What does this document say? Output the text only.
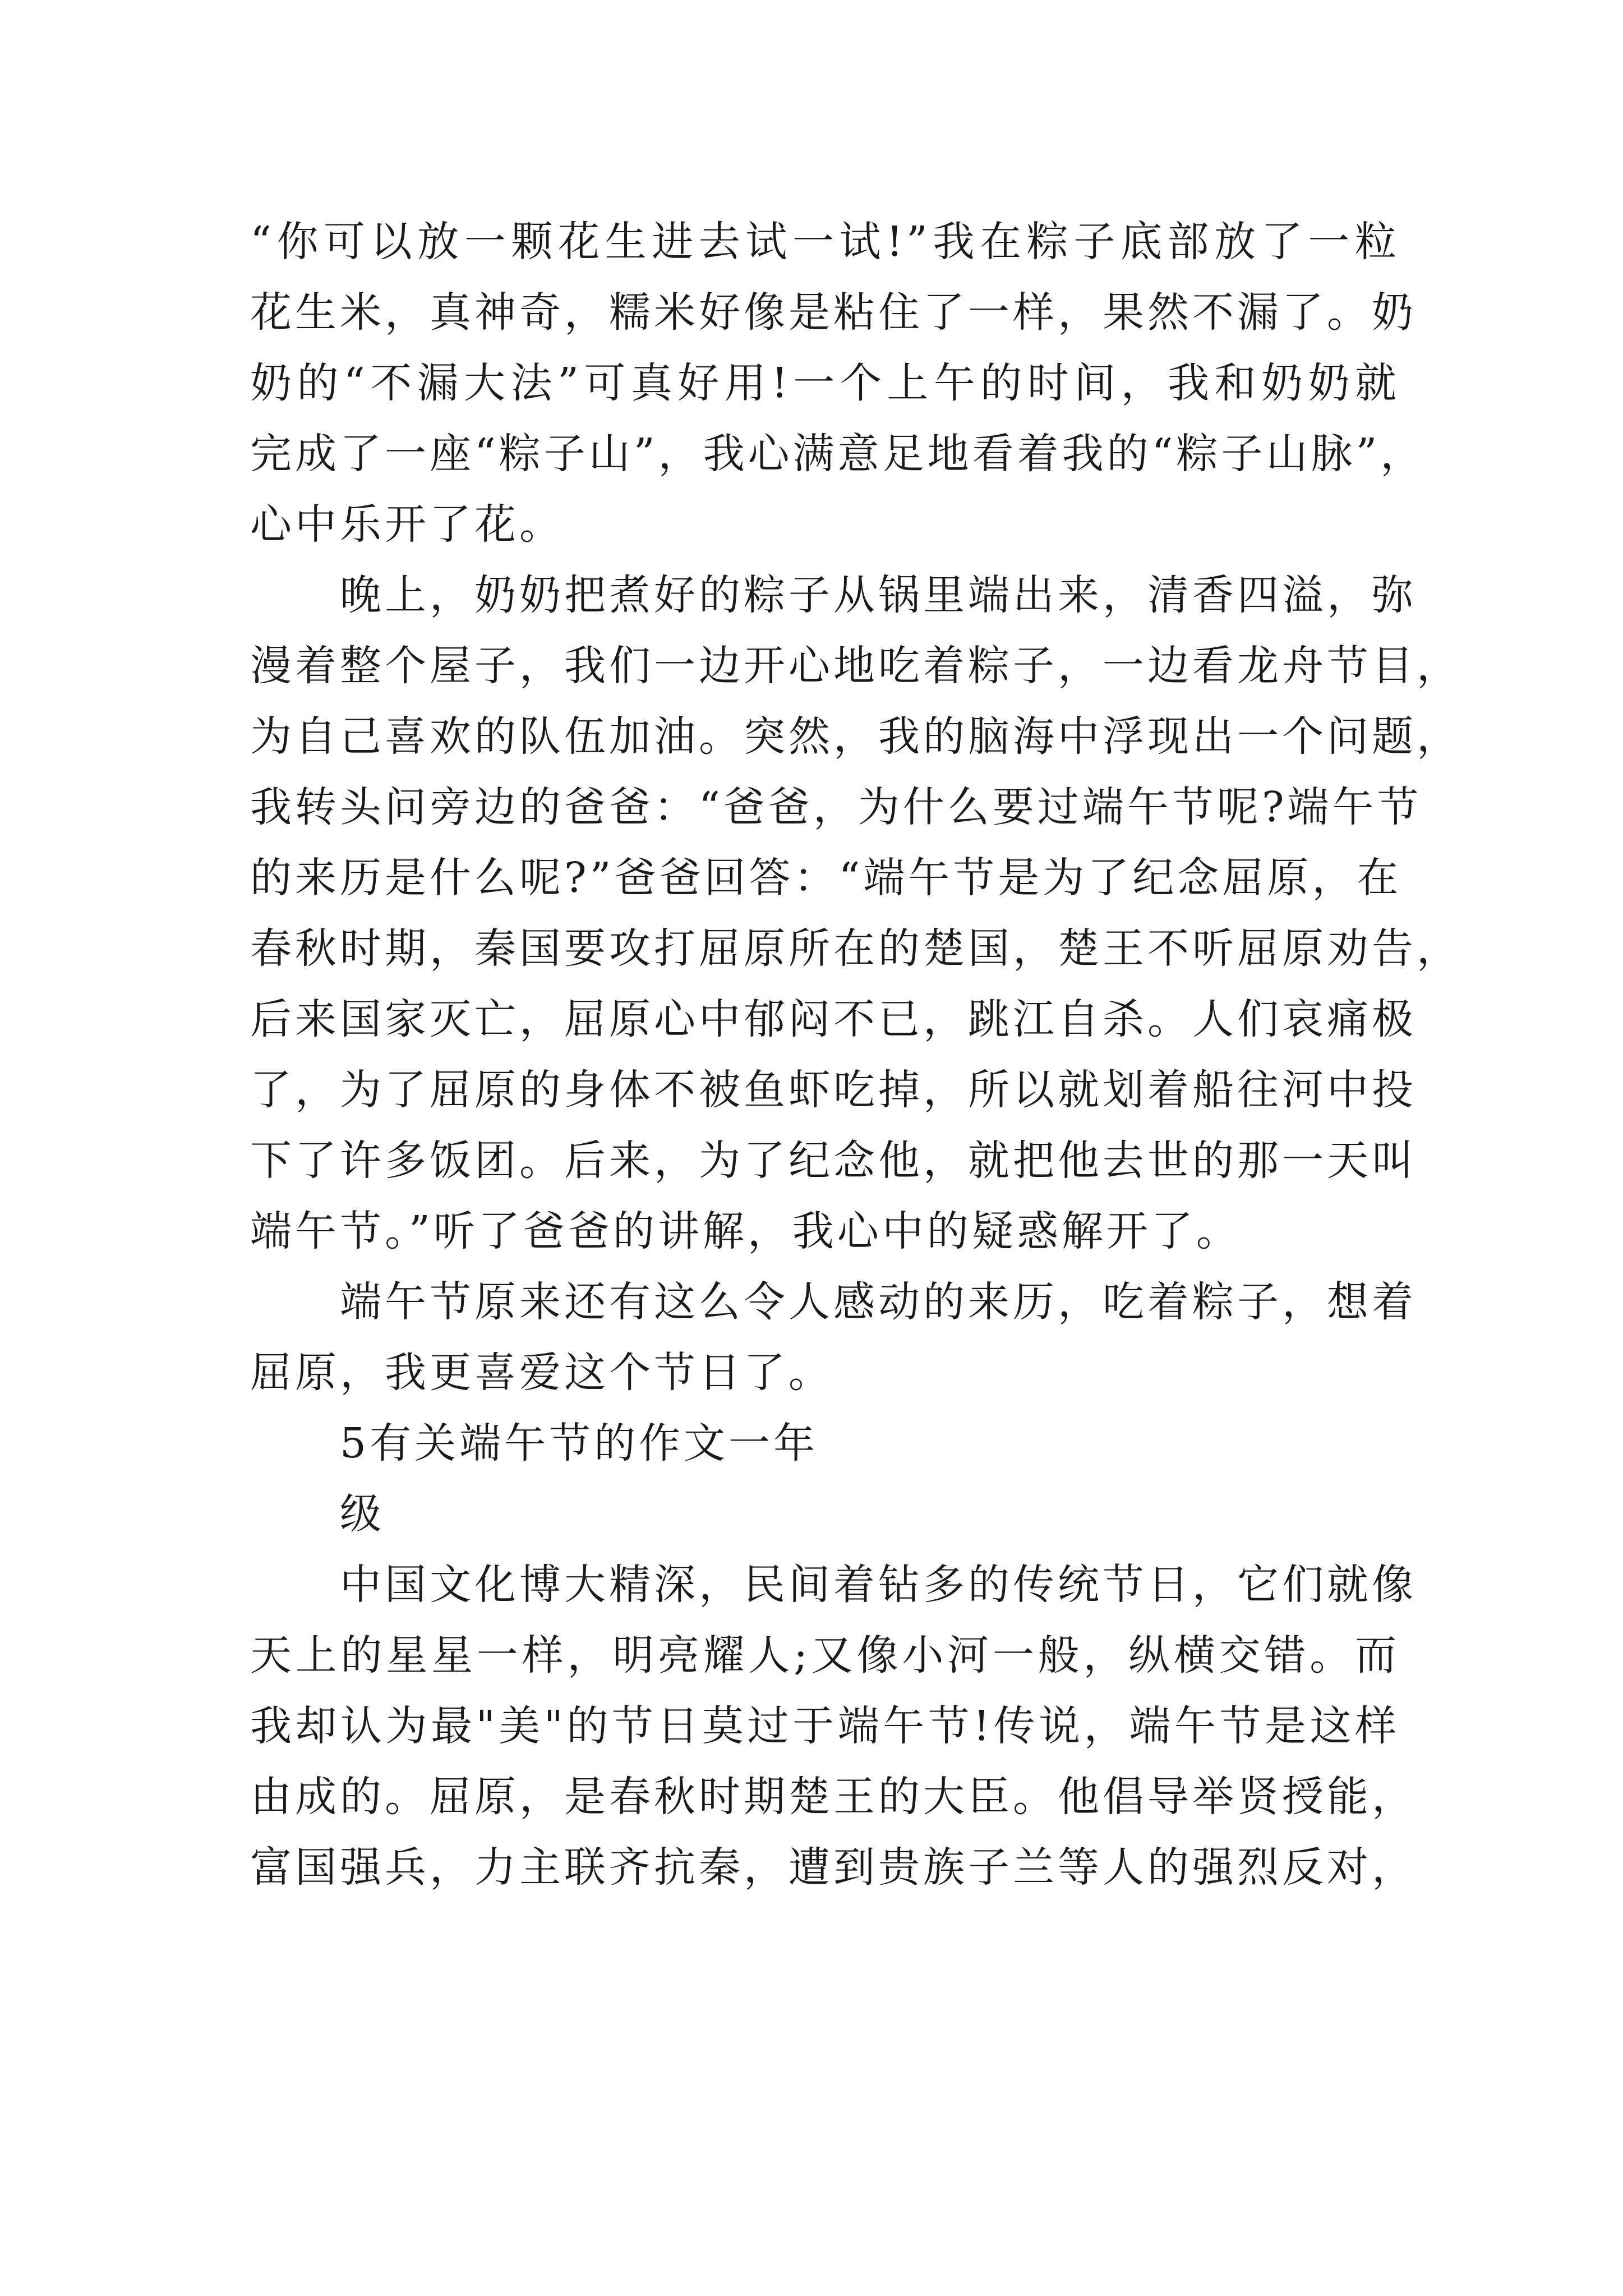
“你可以放一颗花生进去试一试!”我在粽子底部放了一粒
花生米，真神奇，糯米好像是粘住了一样，果然不漏了。奶
奶的“不漏大法”可真好用!一个上午的时间，我和奶奶就
完成了一座“粽子山”，我心满意足地看着我的“粽子山脉”，
心中乐开了花。
晚上，奶奶把煮好的粽子从锅里端出来，清香四溢，弥
漫着整个屋子，我们一边开心地吃着粽子，一边看龙舟节目，
为自己喜欢的队伍加油。突然，我的脑海中浮现出一个问题，
我转头问旁边的爸爸：“爸爸，为什么要过端午节呢?端午节
的来历是什么呢?”爸爸回答：“端午节是为了纪念屈原，在
春秋时期，秦国要攻打屈原所在的楚国，楚王不听屈原劝告，
后来国家灭亡，屈原心中郁闷不已，跳江自杀。人们哀痛极
了，为了屈原的身体不被鱼虾吃掉，所以就划着船往河中投
下了许多饭团。后来，为了纪念他，就把他去世的那一天叫
端午节。”听了爸爸的讲解，我心中的疑惑解开了。
端午节原来还有这么令人感动的来历，吃着粽子，想着
屈原，我更喜爱这个节日了。
5有关端午节的作文一年
级
中国文化博大精深，民间着钻多的传统节日，它们就像
天上的星星一样，明亮耀人;又像小河一般，纵横交错。而
我却认为最"美"的节日莫过于端午节!传说，端午节是这样
由成的。屈原，是春秋时期楚王的大臣。他倡导举贤授能，
富国强兵，力主联齐抗秦，遭到贵族子兰等人的强烈反对，
